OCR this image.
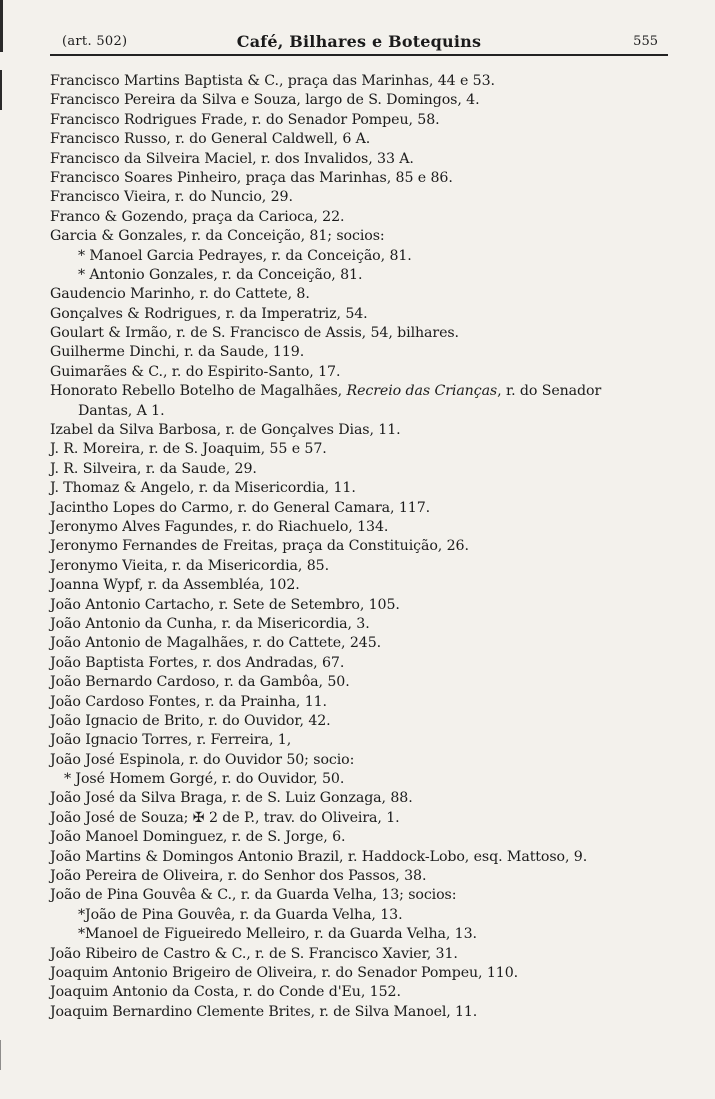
(art. 502)	Café, Bilhares e Botequins	555
Francisco Martins Baptista & C., praça das Marinhas, 44 e 53.
Francisco Pereira da Silva e Souza, largo de S. Domingos, 4.
Francisco Rodrigues Frade, r. do Senador Pompeu, 58.
Francisco Russo, r. do General Caldwell, 6 A.
Francisco da Silveira Maciel, r. dos Invalidos, 33 A.
Francisco Soares Pinheiro, praça das Marinhas, 85 e 86.
Francisco Vieira, r. do Nuncio, 29.
Franco & Gozendo, praça da Carioca, 22.
Garcia & Gonzales, r. da Conceição, 81; socios:
* Manoel Garcia Pedrayes, r. da Conceição, 81.
* Antonio Gonzales, r. da Conceição, 81.
Gaudencio Marinho, r. do Cattete, 8.
Gonçalves & Rodrigues, r. da Imperatriz, 54.
Goulart & Irmão, r. de S. Francisco de Assis, 54, bilhares.
Guilherme Dinchi, r. da Saude, 119.
Guimarães & C., r. do Espirito-Santo, 17.
Honorato Rebello Botelho de Magalhães, Recreio das Crianças, r. do Senador
Dantas, A 1.
Izabel da Silva Barbosa, r. de Gonçalves Dias, 11.
J. R. Moreira, r. de S. Joaquim, 55 e 57.
J. R. Silveira, r. da Saude, 29.
J. Thomaz & Angelo, r. da Misericordia, 11.
Jacintho Lopes do Carmo, r. do General Camara, 117.
Jeronymo Alves Fagundes, r. do Riachuelo, 134.
Jeronymo Fernandes de Freitas, praça da Constituição, 26.
Jeronymo Vieita, r. da Misericordia, 85.
Joanna Wypf, r. da Assembléa, 102.
João Antonio Cartacho, r. Sete de Setembro, 105.
João Antonio da Cunha, r. da Misericordia, 3.
João Antonio de Magalhães, r. do Cattete, 245.
João Baptista Fortes, r. dos Andradas, 67.
João Bernardo Cardoso, r. da Gambôa, 50.
João Cardoso Fontes, r. da Prainha, 11.
João Ignacio de Brito, r. do Ouvidor, 42.
João Ignacio Torres, r. Ferreira, 1,
João José Espinola, r. do Ouvidor 50; socio:
* José Homem Gorgé, r. do Ouvidor, 50.
João José da Silva Braga, r. de S. Luiz Gonzaga, 88.
João José de Souza; ✠ 2 de P., trav. do Oliveira, 1.
João Manoel Dominguez, r. de S. Jorge, 6.
João Martins & Domingos Antonio Brazil, r. Haddock-Lobo, esq. Mattoso, 9.
João Pereira de Oliveira, r. do Senhor dos Passos, 38.
João de Pina Gouvêa & C., r. da Guarda Velha, 13; socios:
*João de Pina Gouvêa, r. da Guarda Velha, 13.
*Manoel de Figueiredo Melleiro, r. da Guarda Velha, 13.
João Ribeiro de Castro & C., r. de S. Francisco Xavier, 31.
Joaquim Antonio Brigeiro de Oliveira, r. do Senador Pompeu, 110.
Joaquim Antonio da Costa, r. do Conde d'Eu, 152.
Joaquim Bernardino Clemente Brites, r. de Silva Manoel, 11.
